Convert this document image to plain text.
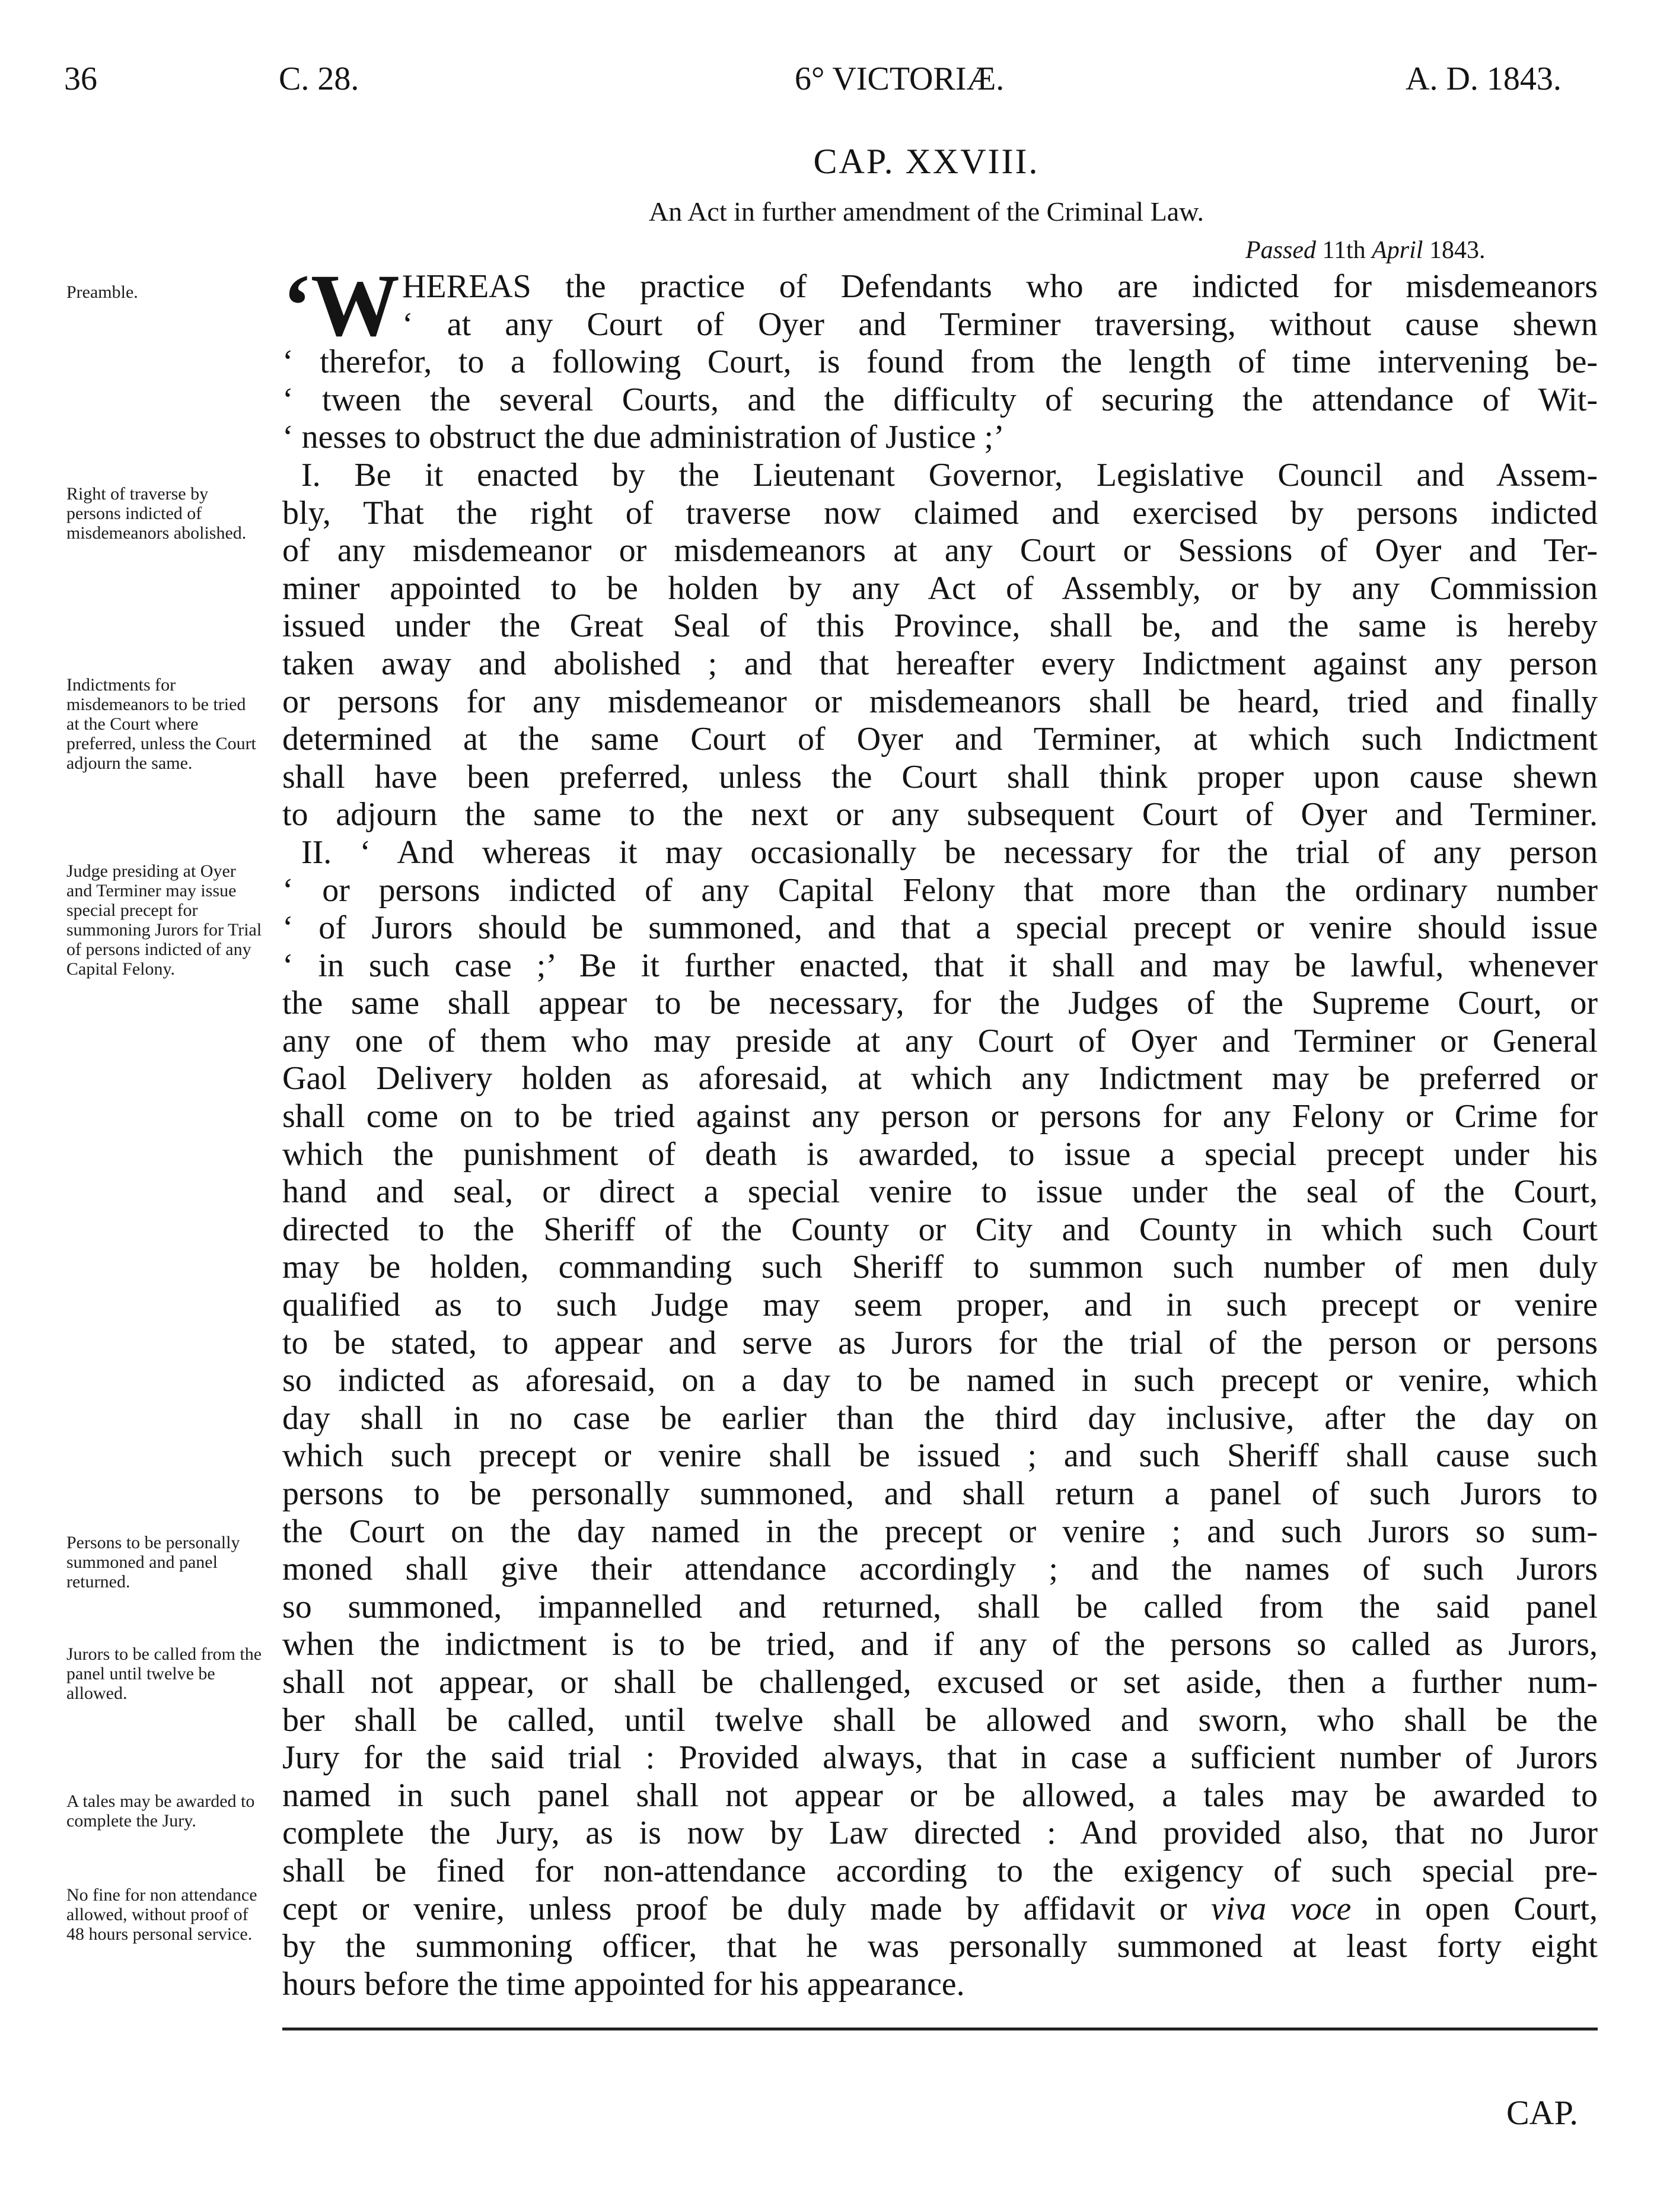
36	C. 28.	6° VICTORIÆ.	A. D. 1843.
CAP. XXVIII.
An Act in further amendment of the Criminal Law.
Passed 11th April 1843.
Preamble.
Right of traverse by persons indicted of misdemeanors abolished.
Indictments for misdemeanors to be tried at the Court where preferred, unless the Court adjourn the same.
Judge presiding at Oyer and Terminer may issue special precept for summoning Jurors for Trial of persons indicted of any Capital Felony.
Persons to be personally summoned and panel returned.
Jurors to be called from the panel until twelve be allowed.
A tales may be awarded to complete the Jury.
No fine for non attendance allowed, without proof of 48 hours personal service.
‘W HEREAS the practice of Defendants who are indicted for misdemeanors
‘ at any Court of Oyer and Terminer traversing, without cause shewn
‘ therefor, to a following Court, is found from the length of time intervening be-
‘ tween the several Courts, and the difficulty of securing the attendance of Wit-
‘ nesses to obstruct the due administration of Justice ;’
I. Be it enacted by the Lieutenant Governor, Legislative Council and Assem-
bly, That the right of traverse now claimed and exercised by persons indicted
of any misdemeanor or misdemeanors at any Court or Sessions of Oyer and Ter-
miner appointed to be holden by any Act of Assembly, or by any Commission
issued under the Great Seal of this Province, shall be, and the same is hereby
taken away and abolished ; and that hereafter every Indictment against any person
or persons for any misdemeanor or misdemeanors shall be heard, tried and finally
determined at the same Court of Oyer and Terminer, at which such Indictment
shall have been preferred, unless the Court shall think proper upon cause shewn
to adjourn the same to the next or any subsequent Court of Oyer and Terminer.
II. ‘ And whereas it may occasionally be necessary for the trial of any person
‘ or persons indicted of any Capital Felony that more than the ordinary number
‘ of Jurors should be summoned, and that a special precept or venire should issue
‘ in such case ;’ Be it further enacted, that it shall and may be lawful, whenever
the same shall appear to be necessary, for the Judges of the Supreme Court, or
any one of them who may preside at any Court of Oyer and Terminer or General
Gaol Delivery holden as aforesaid, at which any Indictment may be preferred or
shall come on to be tried against any person or persons for any Felony or Crime for
which the punishment of death is awarded, to issue a special precept under his
hand and seal, or direct a special venire to issue under the seal of the Court,
directed to the Sheriff of the County or City and County in which such Court
may be holden, commanding such Sheriff to summon such number of men duly
qualified as to such Judge may seem proper, and in such precept or venire
to be stated, to appear and serve as Jurors for the trial of the person or persons
so indicted as aforesaid, on a day to be named in such precept or venire, which
day shall in no case be earlier than the third day inclusive, after the day on
which such precept or venire shall be issued ; and such Sheriff shall cause such
persons to be personally summoned, and shall return a panel of such Jurors to
the Court on the day named in the precept or venire ; and such Jurors so sum-
moned shall give their attendance accordingly ; and the names of such Jurors
so summoned, impannelled and returned, shall be called from the said panel
when the indictment is to be tried, and if any of the persons so called as Jurors,
shall not appear, or shall be challenged, excused or set aside, then a further num-
ber shall be called, until twelve shall be allowed and sworn, who shall be the
Jury for the said trial : Provided always, that in case a sufficient number of Jurors
named in such panel shall not appear or be allowed, a tales may be awarded to
complete the Jury, as is now by Law directed : And provided also, that no Juror
shall be fined for non-attendance according to the exigency of such special pre-
cept or venire, unless proof be duly made by affidavit or viva voce in open Court,
by the summoning officer, that he was personally summoned at least forty eight
hours before the time appointed for his appearance.
CAP.
